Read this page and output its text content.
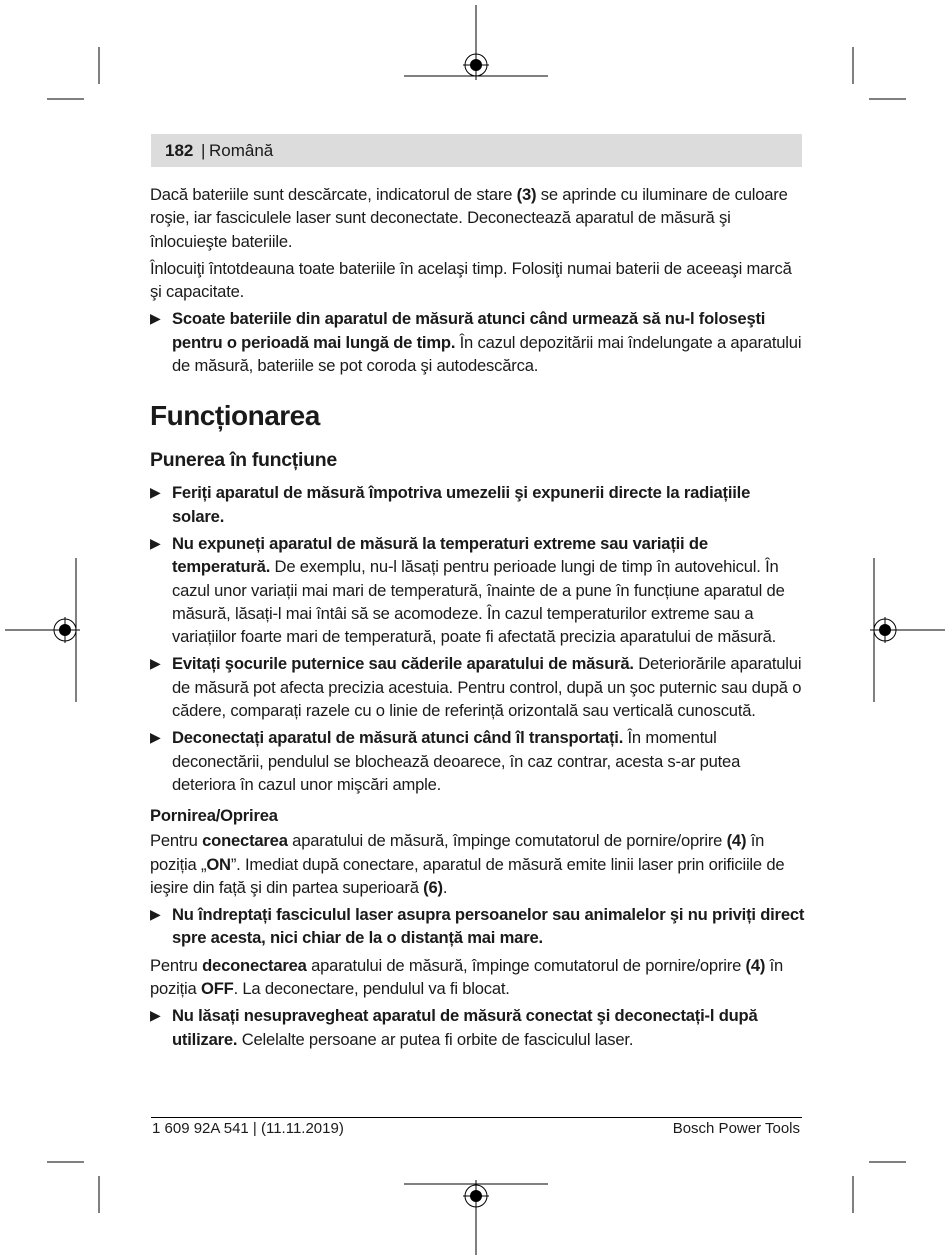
182 | Română

Dacă bateriile sunt descărcate, indicatorul de stare (3) se aprinde cu iluminare de culoare roşie, iar fasciculele laser sunt deconectate. Deconectează aparatul de măsură şi înlocuieşte bateriile.

Înlocuiţi întotdeauna toate bateriile în acelaşi timp. Folosiţi numai baterii de aceeaşi marcă şi capacitate.

▶ Scoate bateriile din aparatul de măsură atunci când urmează să nu-l foloseşti pentru o perioadă mai lungă de timp. În cazul depozitării mai îndelungate a aparatului de măsură, bateriile se pot coroda şi autodescărca.
Funcționarea
Punerea în funcțiune
▶ Feriți aparatul de măsură împotriva umezelii şi expunerii directe la radiațiile solare.
▶ Nu expuneți aparatul de măsură la temperaturi extreme sau variații de temperatură. De exemplu, nu-l lăsați pentru perioade lungi de timp în autovehicul. În cazul unor variații mai mari de temperatură, înainte de a pune în funcțiune aparatul de măsură, lăsați-l mai întâi să se acomodeze. În cazul temperaturilor extreme sau a variațiilor foarte mari de temperatură, poate fi afectată precizia aparatului de măsură.
▶ Evitați şocurile puternice sau căderile aparatului de măsură. Deteriorările aparatului de măsură pot afecta precizia acestuia. Pentru control, după un şoc puternic sau după o cădere, comparați razele cu o linie de referință orizontală sau verticală cunoscută.
▶ Deconectați aparatul de măsură atunci când îl transportați. În momentul deconectării, pendulul se blochează deoarece, în caz contrar, acesta s-ar putea deteriora în cazul unor mişcări ample.
Pornirea/Oprirea

Pentru conectarea aparatului de măsură, împinge comutatorul de pornire/oprire (4) în poziția „ON”. Imediat după conectare, aparatul de măsură emite linii laser prin orificiile de ieşire din față şi din partea superioară (6).

▶ Nu îndreptați fasciculul laser asupra persoanelor sau animalelor şi nu priviți direct spre acesta, nici chiar de la o distanță mai mare.

Pentru deconectarea aparatului de măsură, împinge comutatorul de pornire/oprire (4) în poziția OFF. La deconectare, pendulul va fi blocat.

▶ Nu lăsați nesupravegheat aparatul de măsură conectat şi deconectați-l după utilizare. Celelalte persoane ar putea fi orbite de fasciculul laser.
1 609 92A 541 | (11.11.2019)	Bosch Power Tools
